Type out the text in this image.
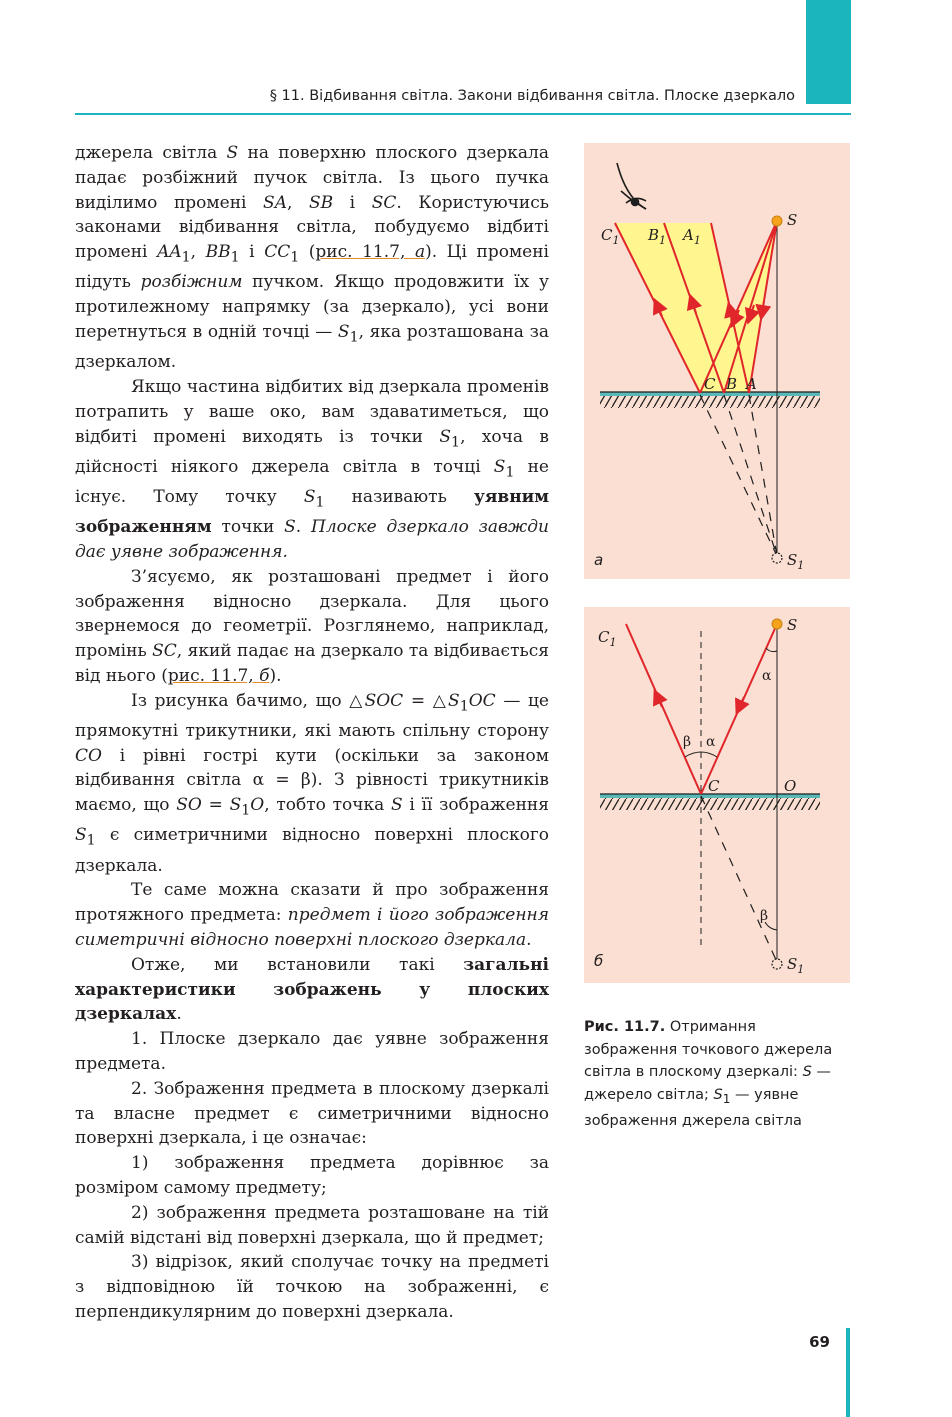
§ 11. Відбивання світла. Закони відбивання світла. Плоске дзеркало

джерела світла S на поверхню плоского дзеркала падає розбіжний пучок світла. Із цього пучка виділимо промені SA, SB і SC. Користуючись законами відбивання світла, побудуємо відбиті промені $AA_1$, $BB_1$ і $CC_1$ (рис. 11.7, а). Ці промені підуть розбіжним пучком. Якщо продовжити їх у протилежному напрямку (за дзеркало), усі вони перетнуться в одній точці — $S_1$, яка розташована за дзеркалом.

Якщо частина відбитих від дзеркала променів потрапить у ваше око, вам здаватиметься, що відбиті промені виходять із точки $S_1$, хоча в дійсності ніякого джерела світла в точці $S_1$ не існує. Тому точку $S_1$ називають уявним зображенням точки S. Плоске дзеркало завжди дає уявне зображення.

З’ясуємо, як розташовані предмет і його зображення відносно дзеркала. Для цього звернемося до геометрії. Розглянемо, наприклад, промінь SC, який падає на дзеркало та відбивається від нього (рис. 11.7, б).

Із рисунка бачимо, що △SOC = $\triangle S_1OC$ — це прямокутні трикутники, які мають спільну сторону CO і рівні гострі кути (оскільки за законом відбивання світла α = β). З рівності трикутників маємо, що SO = $S_1O$, тобто точка S і її зображення $S_1$ є симетричними відносно поверхні плоского дзеркала.

Те саме можна сказати й про зображення протяжного предмета: предмет і його зображення симетричні відносно поверхні плоского дзеркала.

Отже, ми встановили такі загальні характеристики зображень у плоских дзеркалах.

1. Плоске дзеркало дає уявне зображення предмета.

2. Зображення предмета в плоскому дзеркалі та власне предмет є симетричними відносно поверхні дзеркала, і це означає:

1) зображення предмета дорівнює за розміром самому предмету;

2) зображення предмета розташоване на тій самій відстані від поверхні дзеркала, що й предмет;

3) відрізок, який сполучає точку на предметі з відповідною їй точкою на зображенні, є перпендикулярним до поверхні дзеркала.

$C_1$ $B_1$ $A_1$
S
C B A
$S_1$
а
$C_1$
S
C	O
β α
α
β
$S_1$
б
Рис. 11.7. Отримання зображення точкового джерела світла в плоскому дзеркалі: S — джерело світла; $S_1$ — уявне зображення джерела світла
69
